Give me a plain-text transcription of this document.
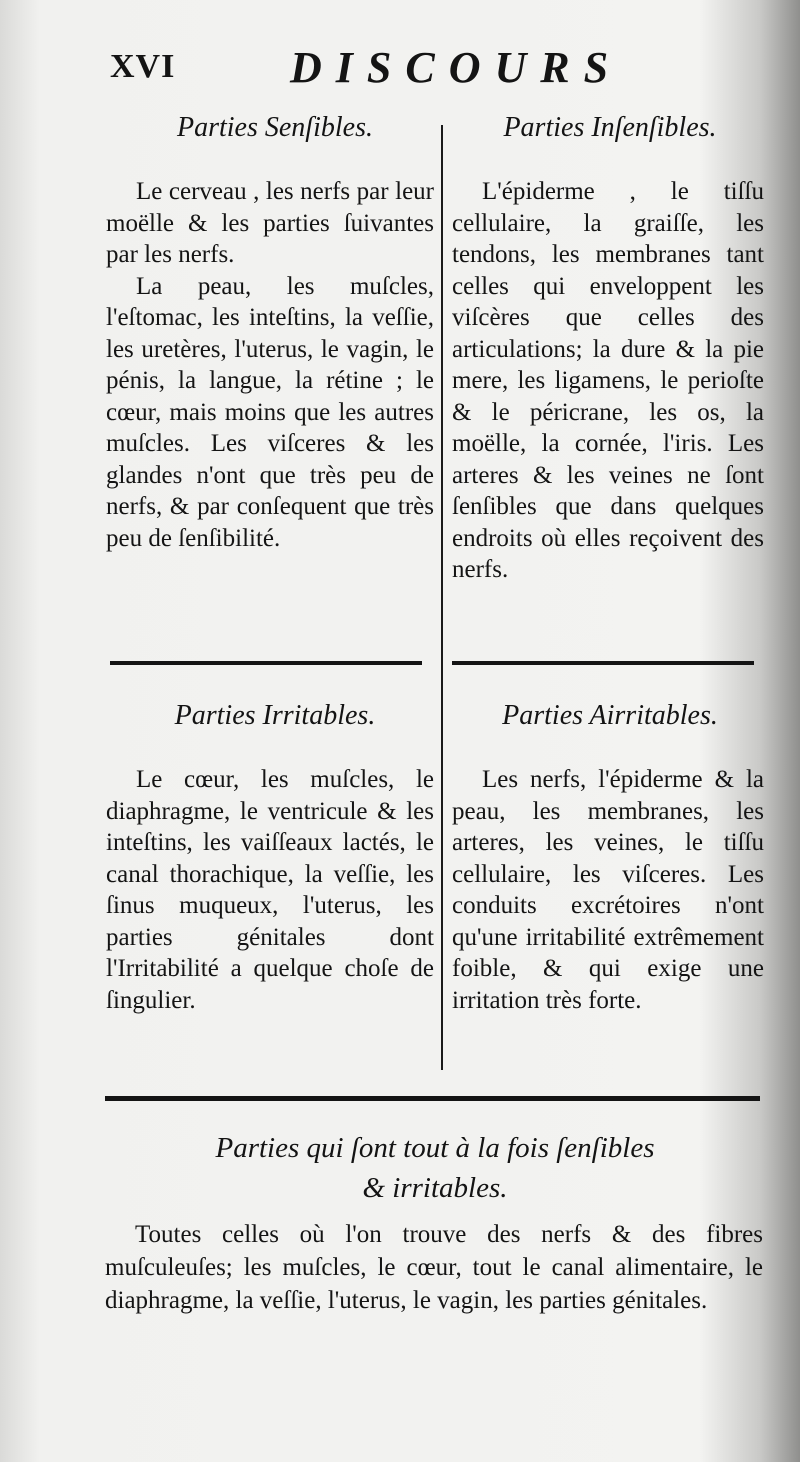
XVI	DISCOURS
Parties Senſibles.	Parties Inſenſibles.

Le cerveau , les nerfs par leur moëlle & les parties ſuivantes par les nerfs.

La peau, les muſcles, l'eſtomac, les inteſtins, la veſſie, les uretères, l'uterus, le vagin, le pénis, la langue, la rétine ; le cœur, mais moins que les autres muſcles. Les viſceres & les glandes n'ont que très peu de nerfs, & par conſequent que très peu de ſenſibilité.

L'épiderme , le tiſſu cellulaire, la graiſſe, les tendons, les membranes tant celles qui enveloppent les viſcères que celles des articulations; la dure & la pie mere, les ligamens, le perioſte & le péricrane, les os, la moëlle, la cornée, l'iris. Les arteres & les veines ne ſont ſenſibles que dans quelques endroits où elles reçoivent des nerfs.

Parties Irritables.	Parties Airritables.

Le cœur, les muſcles, le diaphragme, le ventricule & les inteſtins, les vaiſſeaux lactés, le canal thorachique, la veſſie, les ſinus muqueux, l'uterus, les parties génitales dont l'Irritabilité a quelque choſe de ſingulier.

Les nerfs, l'épiderme & la peau, les membranes, les arteres, les veines, le tiſſu cellulaire, les viſceres. Les conduits excrétoires n'ont qu'une irritabilité extrêmement foible, & qui exige une irritation très forte.

Parties qui ſont tout à la fois ſenſibles
& irritables.
Toutes celles où l'on trouve des nerfs & des fibres muſculeuſes; les muſcles, le cœur, tout le canal alimentaire, le diaphragme, la veſſie, l'uterus, le vagin, les parties génitales.
